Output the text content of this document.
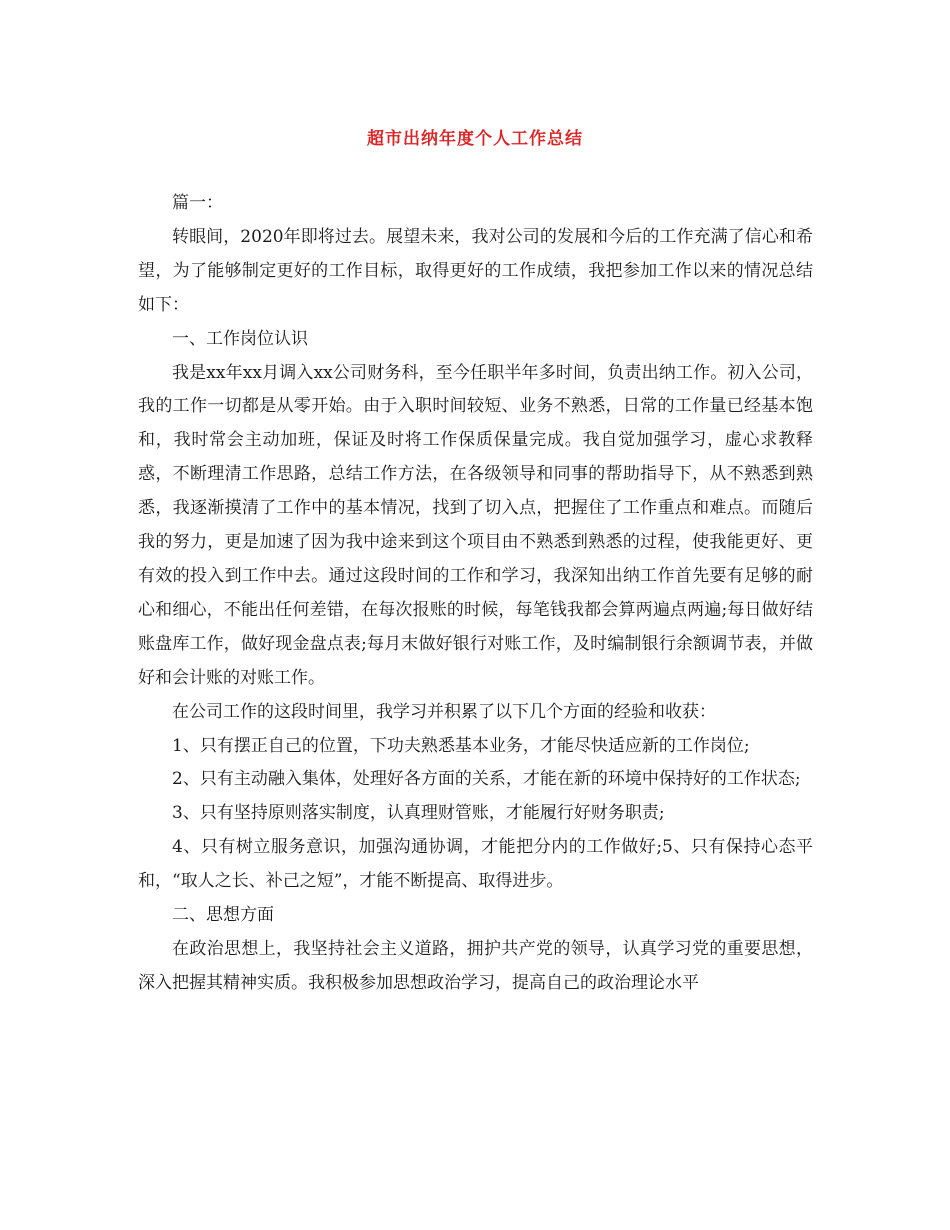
超市出纳年度个人工作总结

篇一：

转眼间，2020年即将过去。展望未来，我对公司的发展和今后的工作充满了信心和希望，为了能够制定更好的工作目标，取得更好的工作成绩，我把参加工作以来的情况总结如下：

一、工作岗位认识

我是xx年xx月调入xx公司财务科，至今任职半年多时间，负责出纳工作。初入公司，我的工作一切都是从零开始。由于入职时间较短、业务不熟悉，日常的工作量已经基本饱和，我时常会主动加班，保证及时将工作保质保量完成。我自觉加强学习，虚心求教释惑，不断理清工作思路，总结工作方法，在各级领导和同事的帮助指导下，从不熟悉到熟悉，我逐渐摸清了工作中的基本情况，找到了切入点，把握住了工作重点和难点。而随后我的努力，更是加速了因为我中途来到这个项目由不熟悉到熟悉的过程，使我能更好、更有效的投入到工作中去。通过这段时间的工作和学习，我深知出纳工作首先要有足够的耐心和细心，不能出任何差错，在每次报账的时候，每笔钱我都会算两遍点两遍;每日做好结账盘库工作，做好现金盘点表;每月末做好银行对账工作，及时编制银行余额调节表，并做好和会计账的对账工作。

在公司工作的这段时间里，我学习并积累了以下几个方面的经验和收获：

1、只有摆正自己的位置，下功夫熟悉基本业务，才能尽快适应新的工作岗位;

2、只有主动融入集体，处理好各方面的关系，才能在新的环境中保持好的工作状态;

3、只有坚持原则落实制度，认真理财管账，才能履行好财务职责;

4、只有树立服务意识，加强沟通协调，才能把分内的工作做好;5、只有保持心态平和，“取人之长、补己之短”，才能不断提高、取得进步。

二、思想方面

在政治思想上，我坚持社会主义道路，拥护共产党的领导，认真学习党的重要思想，深入把握其精神实质。我积极参加思想政治学习，提高自己的政治理论水平
